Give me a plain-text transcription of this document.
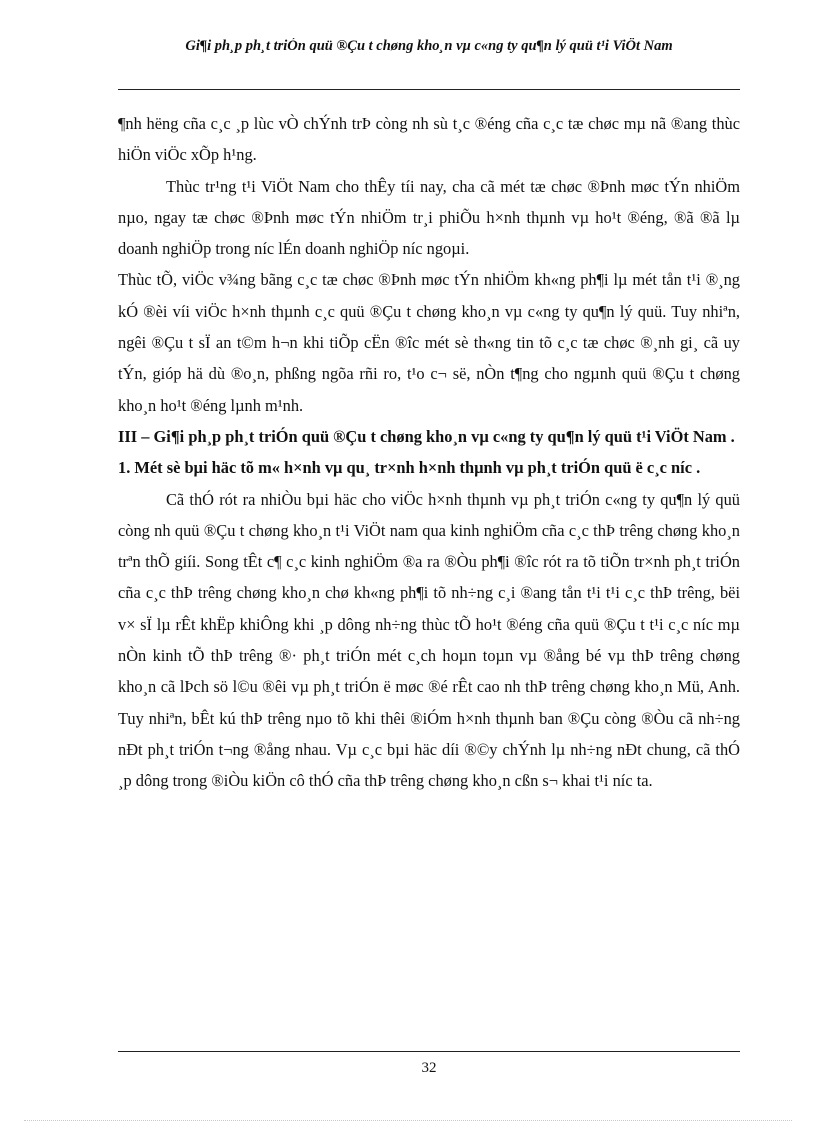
Gi¶i ph¸p ph¸t triÓn quü ®Çu t chøng kho¸n vµ c«ng ty qu¶n lý quü t¹i ViÖt Nam

¶nh hëng cña c¸c ¸p lùc vÒ chÝnh trÞ còng nh sù t¸c ®éng cña c¸c tæ chøc mµ nã ®ang thùc hiÖn viÖc xÕp h¹ng.

Thùc tr¹ng t¹i ViÖt Nam cho thÊy tíi nay, cha cã mét tæ chøc ®Þnh møc tÝn nhiÖm nµo, ngay tæ chøc ®Þnh møc tÝn nhiÖm tr¸i phiÕu h×nh thµnh vµ ho¹t ®éng, ®ã ®ã lµ doanh nghiÖp trong níc lÉn doanh nghiÖp níc ngoµi.

Thùc tÕ, viÖc v¾ng bãng c¸c tæ chøc ®Þnh møc tÝn nhiÖm kh«ng ph¶i lµ mét tån t¹i ®¸ng kÓ ®èi víi viÖc h×nh thµnh c¸c quü ®Çu t chøng kho¸n vµ c«ng ty qu¶n lý quü. Tuy nhiªn, ngêi ®Çu t sÏ an t©m h¬n khi tiÕp cËn ®îc mét sè th«ng tin tõ c¸c tæ chøc ®¸nh gi¸ cã uy tÝn, gióp hä dù ®o¸n, phßng ngõa rñi ro, t¹o c¬ së, nÒn t¶ng cho ngµnh quü ®Çu t chøng kho¸n ho¹t ®éng lµnh m¹nh.

III – Gi¶i ph¸p ph¸t triÓn quü ®Çu t chøng kho¸n vµ c«ng ty qu¶n lý quü t¹i ViÖt Nam .

1. Mét sè bµi häc tõ m« h×nh vµ qu¸ tr×nh h×nh thµnh vµ ph¸t triÓn quü ë c¸c níc .

Cã thÓ rót ra nhiÒu bµi häc cho viÖc h×nh thµnh vµ ph¸t triÓn c«ng ty qu¶n lý quü còng nh quü ®Çu t chøng kho¸n t¹i ViÖt nam qua kinh nghiÖm cña c¸c thÞ trêng chøng kho¸n trªn thÕ giíi. Song tÊt c¶ c¸c kinh nghiÖm ®a ra ®Òu ph¶i ®îc rót ra tõ tiÕn tr×nh ph¸t triÓn cña c¸c thÞ trêng chøng kho¸n chø kh«ng ph¶i tõ nh÷ng c¸i ®ang tån t¹i t¹i c¸c thÞ trêng, bëi v× sÏ lµ rÊt khËp khiÔng khi ¸p dông nh÷ng thùc tÕ ho¹t ®éng cña quü ®Çu t t¹i c¸c níc mµ nÒn kinh tÕ thÞ trêng ®· ph¸t triÓn mét c¸ch hoµn toµn vµ ®ång bé vµ thÞ trêng chøng kho¸n cã lÞch sö l©u ®êi vµ ph¸t triÓn ë møc ®é rÊt cao nh thÞ trêng chøng kho¸n Mü, Anh. Tuy nhiªn, bÊt kú thÞ trêng nµo tõ khi thêi ®iÓm h×nh thµnh ban ®Çu còng ®Òu cã nh÷ng nÐt ph¸t triÓn t¬ng ®ång nhau. Vµ c¸c bµi häc díi ®©y chÝnh lµ nh÷ng nÐt chung, cã thÓ ¸p dông trong ®iÒu kiÖn cô thÓ cña thÞ trêng chøng kho¸n cßn s¬ khai t¹i níc ta.

32
